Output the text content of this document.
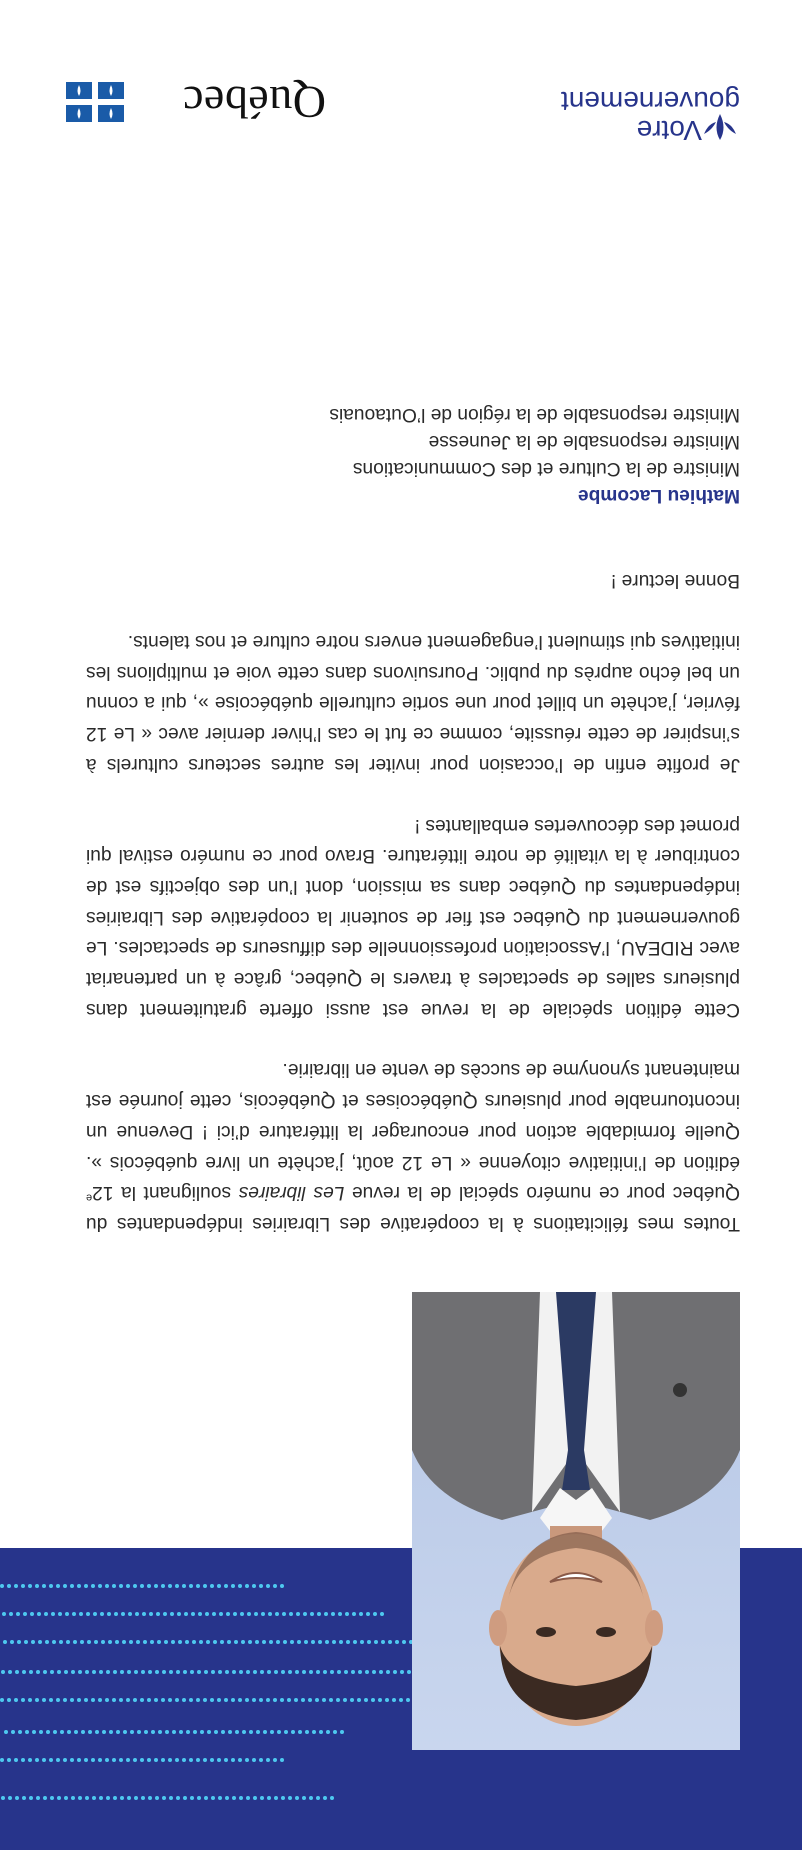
Toutes mes félicitations à la coopérative des Librairies indépendantes du Québec pour ce numéro spécial de la revue Les libraires soulignant la 12e édition de l’initiative citoyenne « Le 12 août, j’achète un livre québécois ». Quelle formidable action pour encourager la littérature d’ici ! Devenue un incontournable pour plusieurs Québécoises et Québécois, cette journée est maintenant synonyme de succès de vente en librairie.

Cette édition spéciale de la revue est aussi offerte gratuitement dans plusieurs salles de spectacles à travers le Québec, grâce à un partenariat avec RIDEAU, l’Association professionnelle des diffuseurs de spectacles. Le gouvernement du Québec est fier de soutenir la coopérative des Librairies indépendantes du Québec dans sa mission, dont l’un des objectifs est de contribuer à la vitalité de notre littérature. Bravo pour ce numéro estival qui promet des découvertes emballantes !

Je profite enfin de l’occasion pour inviter les autres secteurs culturels à s’inspirer de cette réussite, comme ce fut le cas l’hiver dernier avec « Le 12 février, j’achète un billet pour une sortie culturelle québécoise », qui a connu un bel écho auprès du public. Poursuivons dans cette voie et multiplions les initiatives qui stimulent l’engagement envers notre culture et nos talents.

Bonne lecture !

Mathieu Lacombe
Ministre de la Culture et des Communications
Ministre responsable de la Jeunesse
Ministre responsable de la région de l’Outaouais
Votre
gouvernement
Québec
